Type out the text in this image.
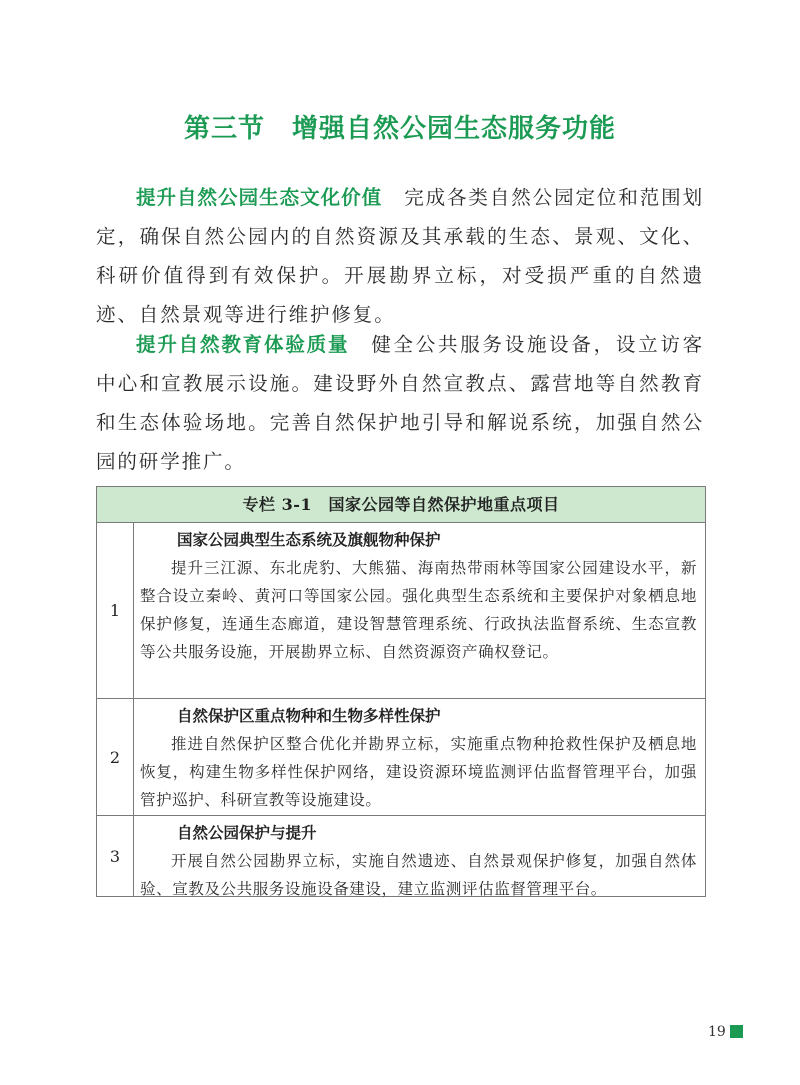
第三节　增强自然公园生态服务功能

提升自然公园生态文化价值 完成各类自然公园定位和范围划定，确保自然公园内的自然资源及其承载的生态、景观、文化、科研价值得到有效保护。开展勘界立标，对受损严重的自然遗迹、自然景观等进行维护修复。

提升自然教育体验质量 健全公共服务设施设备，设立访客中心和宣教展示设施。建设野外自然宣教点、露营地等自然教育和生态体验场地。完善自然保护地引导和解说系统，加强自然公园的研学推广。

专栏 3-1　国家公园等自然保护地重点项目
1
国家公园典型生态系统及旗舰物种保护

提升三江源、东北虎豹、大熊猫、海南热带雨林等国家公园建设水平，新整合设立秦岭、黄河口等国家公园。强化典型生态系统和主要保护对象栖息地保护修复，连通生态廊道，建设智慧管理系统、行政执法监督系统、生态宣教等公共服务设施，开展勘界立标、自然资源资产确权登记。

2
自然保护区重点物种和生物多样性保护

推进自然保护区整合优化并勘界立标，实施重点物种抢救性保护及栖息地恢复，构建生物多样性保护网络，建设资源环境监测评估监督管理平台，加强管护巡护、科研宣教等设施建设。

3
自然公园保护与提升

开展自然公园勘界立标，实施自然遗迹、自然景观保护修复，加强自然体验、宣教及公共服务设施设备建设，建立监测评估监督管理平台。

19
